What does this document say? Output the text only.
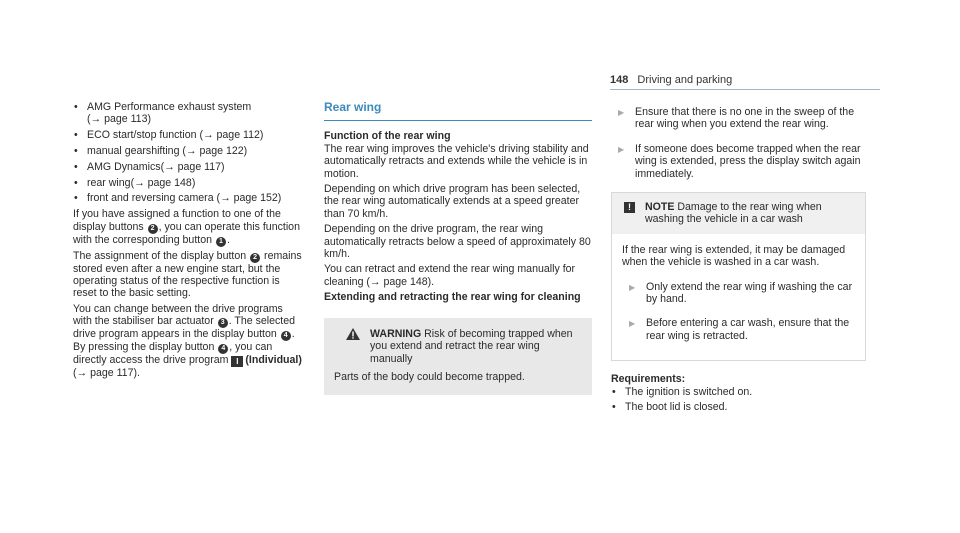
148 Driving and parking
• AMG Performance exhaust system
(→ page 113)
• ECO start/stop function (→ page 112)
• manual gearshifting (→ page 122)
• AMG Dynamics(→ page 117)
• rear wing(→ page 148)
• front and reversing camera (→ page 152)

If you have assigned a function to one of the display buttons 2 , you can operate this function with the corresponding button 1 .

The assignment of the display button 2 remains stored even after a new engine start, but the operating status of the respective function is reset to the basic setting.

You can change between the drive programs with the stabiliser bar actuator 3 . The selected drive program appears in the display button 4 . By pressing the display button 4 , you can directly access the drive program I (Individual) (→ page 117).

Rear wing
Function of the rear wing

The rear wing improves the vehicle's driving stability and automatically retracts and extends while the vehicle is in motion.

Depending on which drive program has been selected, the rear wing automatically extends at a speed greater than 70 km/h.

Depending on the drive program, the rear wing automatically retracts below a speed of approximately 80 km/h.

You can retract and extend the rear wing manually for cleaning (→ page 148).

Extending and retracting the rear wing for cleaning
WARNING Risk of becoming trapped when you extend and retract the rear wing manually
Parts of the body could become trapped.
▶ Ensure that there is no one in the sweep of the rear wing when you extend the rear wing.
▶ If someone does become trapped when the rear wing is extended, press the display switch again immediately.
!	NOTE Damage to the rear wing when washing the vehicle in a car wash

If the rear wing is extended, it may be damaged when the vehicle is washed in a car wash.

▶ Only extend the rear wing if washing the car by hand.
▶ Before entering a car wash, ensure that the rear wing is retracted.
Requirements:
• The ignition is switched on.
• The boot lid is closed.
